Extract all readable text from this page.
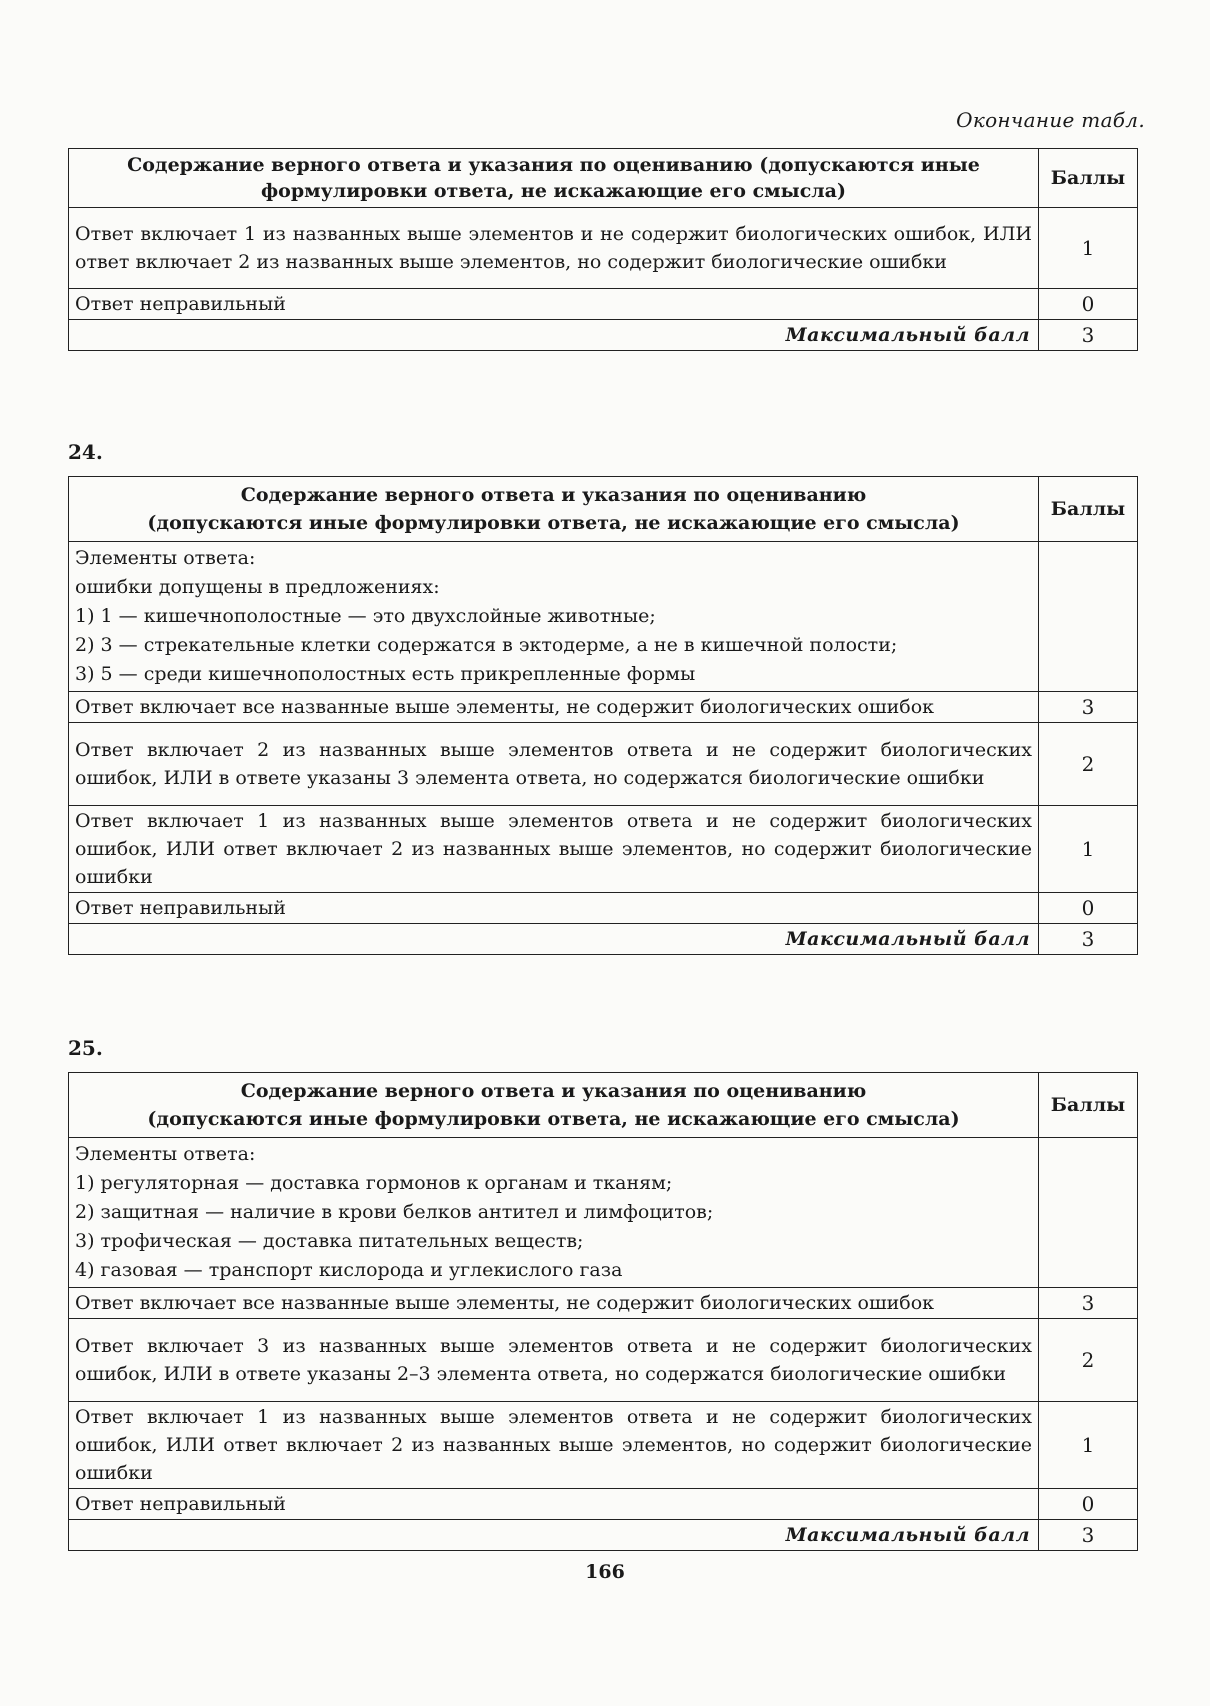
Окончание табл.
Содержание верного ответа и указания по оцениванию (допускаются иные формулировки ответа, не искажающие его смысла)	Баллы
Ответ включает 1 из названных выше элементов и не содержит биологических ошибок, ИЛИ ответ включает 2 из названных выше элементов, но содержит биологические ошибки	1
Ответ неправильный	0
Максимальный балл	3
24.
Содержание верного ответа и указания по оцениванию
(допускаются иные формулировки ответа, не искажающие его смысла)	Баллы

Элементы ответа:
ошибки допущены в предложениях:
1) 1 — кишечнополостные — это двухслойные животные;
2) 3 — стрекательные клетки содержатся в эктодерме, а не в кишечной полости;
3) 5 — среди кишечнополостных есть прикрепленные формы	

Ответ включает все названные выше элементы, не содержит биологических ошибок	3
Ответ включает 2 из названных выше элементов ответа и не содержит биологических ошибок, ИЛИ в ответе указаны 3 элемента ответа, но содержатся биологические ошибки	2
Ответ включает 1 из названных выше элементов ответа и не содержит биологических ошибок, ИЛИ ответ включает 2 из названных выше элементов, но содержит биологические ошибки	1
Ответ неправильный	0
Максимальный балл	3
25.
Содержание верного ответа и указания по оцениванию
(допускаются иные формулировки ответа, не искажающие его смысла)	Баллы

Элементы ответа:
1) регуляторная — доставка гормонов к органам и тканям;
2) защитная — наличие в крови белков антител и лимфоцитов;
3) трофическая — доставка питательных веществ;
4) газовая — транспорт кислорода и углекислого газа	

Ответ включает все названные выше элементы, не содержит биологических ошибок	3
Ответ включает 3 из названных выше элементов ответа и не содержит биологических ошибок, ИЛИ в ответе указаны 2–3 элемента ответа, но содержатся биологические ошибки	2
Ответ включает 1 из названных выше элементов ответа и не содержит биологических ошибок, ИЛИ ответ включает 2 из названных выше элементов, но содержит биологические ошибки	1
Ответ неправильный	0
Максимальный балл	3
166
